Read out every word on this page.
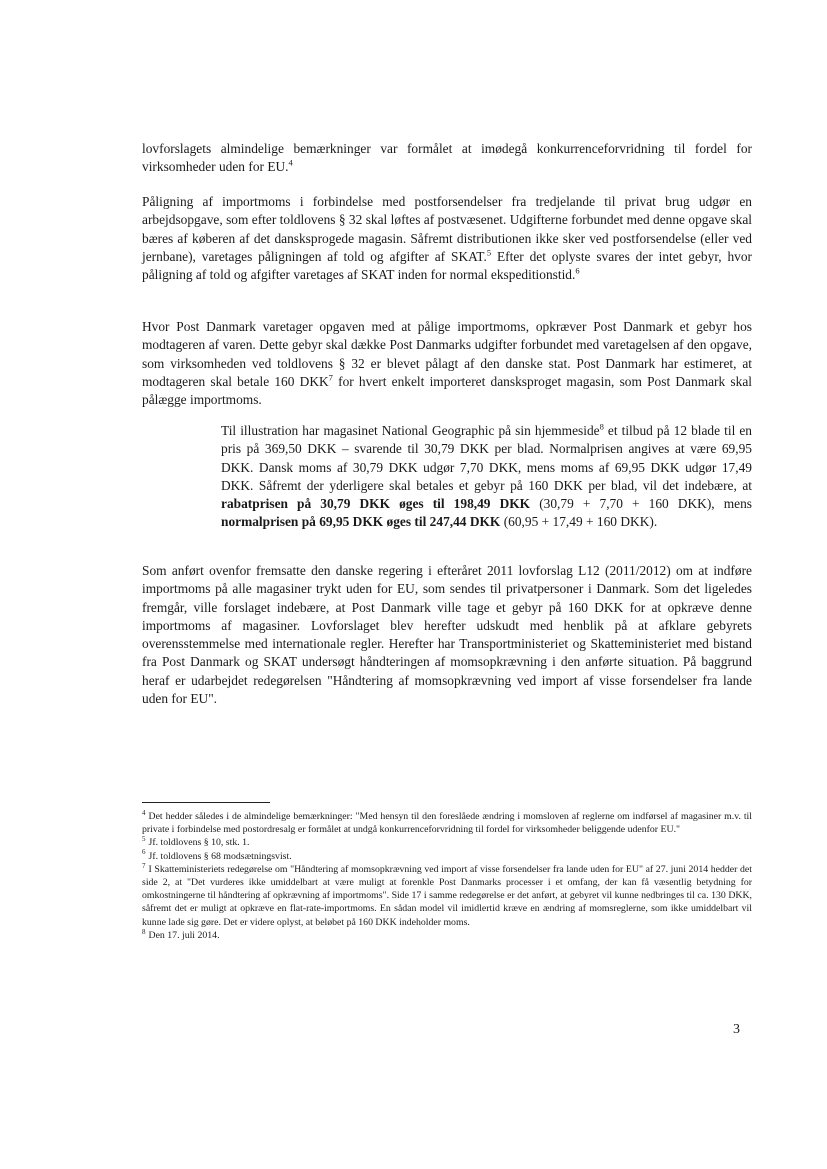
lovforslagets almindelige bemærkninger var formålet at imødegå konkurrenceforvridning til fordel for virksomheder uden for EU.$^4$

Påligning af importmoms i forbindelse med postforsendelser fra tredjelande til privat brug udgør en arbejdsopgave, som efter toldlovens § 32 skal løftes af postvæsenet. Udgifterne forbundet med denne opgave skal bæres af køberen af det dansksprogede magasin. Såfremt distributionen ikke sker ved postforsendelse (eller ved jernbane), varetages påligningen af told og afgifter af SKAT.$^5$ Efter det oplyste svares der intet gebyr, hvor påligning af told og afgifter varetages af SKAT inden for normal ekspeditionstid.$^6$

Hvor Post Danmark varetager opgaven med at pålige importmoms, opkræver Post Danmark et gebyr hos modtageren af varen. Dette gebyr skal dække Post Danmarks udgifter forbundet med varetagelsen af den opgave, som virksomheden ved toldlovens § 32 er blevet pålagt af den danske stat. Post Danmark har estimeret, at modtageren skal betale 160 DKK$^7$ for hvert enkelt importeret dansksproget magasin, som Post Danmark skal pålægge importmoms.

Til illustration har magasinet National Geographic på sin hjemmeside$^8$ et tilbud på 12 blade til en pris på 369,50 DKK – svarende til 30,79 DKK per blad. Normalprisen angives at være 69,95 DKK. Dansk moms af 30,79 DKK udgør 7,70 DKK, mens moms af 69,95 DKK udgør 17,49 DKK. Såfremt der yderligere skal betales et gebyr på 160 DKK per blad, vil det indebære, at rabatprisen på 30,79 DKK øges til 198,49 DKK (30,79 + 7,70 + 160 DKK), mens normalprisen på 69,95 DKK øges til 247,44 DKK (60,95 + 17,49 + 160 DKK).

Som anført ovenfor fremsatte den danske regering i efteråret 2011 lovforslag L12 (2011/2012) om at indføre importmoms på alle magasiner trykt uden for EU, som sendes til privatpersoner i Danmark. Som det ligeledes fremgår, ville forslaget indebære, at Post Danmark ville tage et gebyr på 160 DKK for at opkræve denne importmoms af magasiner. Lovforslaget blev herefter udskudt med henblik på at afklare gebyrets overensstemmelse med internationale regler. Herefter har Transportministeriet og Skatteministeriet med bistand fra Post Danmark og SKAT undersøgt håndteringen af momsopkrævning i den anførte situation. På baggrund heraf er udarbejdet redegørelsen "Håndtering af momsopkrævning ved import af visse forsendelser fra lande uden for EU".

$^4$ Det hedder således i de almindelige bemærkninger: "Med hensyn til den foreslåede ændring i momsloven af reglerne om indførsel af magasiner m.v. til private i forbindelse med postordresalg er formålet at undgå konkurrenceforvridning til fordel for virksomheder beliggende udenfor EU."

$^5$ Jf. toldlovens § 10, stk. 1.

$^6$ Jf. toldlovens § 68 modsætningsvist.

$^7$ I Skatteministeriets redegørelse om "Håndtering af momsopkrævning ved import af visse forsendelser fra lande uden for EU" af 27. juni 2014 hedder det side 2, at "Det vurderes ikke umiddelbart at være muligt at forenkle Post Danmarks processer i et omfang, der kan få væsentlig betydning for omkostningerne til håndtering af opkrævning af importmoms". Side 17 i samme redegørelse er det anført, at gebyret vil kunne nedbringes til ca. 130 DKK, såfremt det er muligt at opkræve en flat-rate-importmoms. En sådan model vil imidlertid kræve en ændring af momsreglerne, som ikke umiddelbart vil kunne lade sig gøre. Det er videre oplyst, at beløbet på 160 DKK indeholder moms.

$^8$ Den 17. juli 2014.

3
